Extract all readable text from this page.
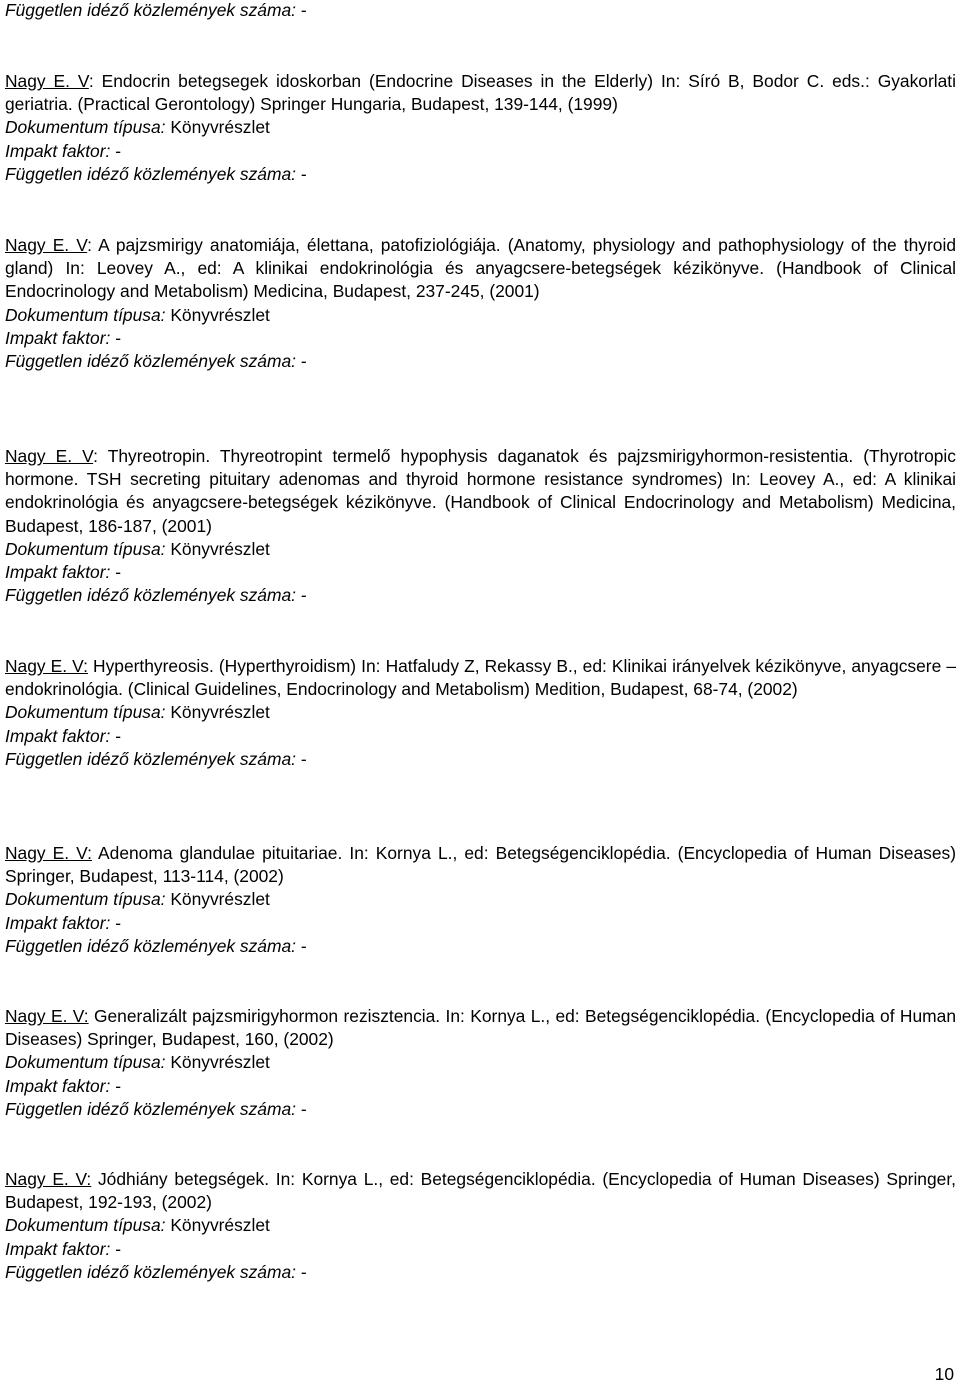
Független idéző közlemények száma: -
Nagy E. V: Endocrin betegsegek idoskorban (Endocrine Diseases in the Elderly) In: Síró B, Bodor C. eds.: Gyakorlati geriatria. (Practical Gerontology) Springer Hungaria, Budapest, 139-144, (1999)
Dokumentum típusa: Könyvrészlet
Impakt faktor: -
Független idéző közlemények száma: -
Nagy E. V: A pajzsmirigy anatomiája, élettana, patofiziológiája. (Anatomy, physiology and pathophysiology of the thyroid gland) In: Leovey A., ed: A klinikai endokrinológia és anyagcsere-betegségek kézikönyve. (Handbook of Clinical Endocrinology and Metabolism) Medicina, Budapest, 237-245, (2001)
Dokumentum típusa: Könyvrészlet
Impakt faktor: -
Független idéző közlemények száma: -
Nagy E. V: Thyreotropin. Thyreotropint termelő hypophysis daganatok és pajzsmirigyhormon-resistentia. (Thyrotropic hormone. TSH secreting pituitary adenomas and thyroid hormone resistance syndromes) In: Leovey A., ed: A klinikai endokrinológia és anyagcsere-betegségek kézikönyve. (Handbook of Clinical Endocrinology and Metabolism) Medicina, Budapest, 186-187, (2001)
Dokumentum típusa: Könyvrészlet
Impakt faktor: -
Független idéző közlemények száma: -
Nagy E. V: Hyperthyreosis. (Hyperthyroidism) In: Hatfaludy Z, Rekassy B., ed: Klinikai irányelvek kézikönyve, anyagcsere – endokrinológia. (Clinical Guidelines, Endocrinology and Metabolism) Medition, Budapest, 68-74, (2002)
Dokumentum típusa: Könyvrészlet
Impakt faktor: -
Független idéző közlemények száma: -
Nagy E. V: Adenoma glandulae pituitariae. In: Kornya L., ed: Betegségenciklopédia. (Encyclopedia of Human Diseases) Springer, Budapest, 113-114, (2002)
Dokumentum típusa: Könyvrészlet
Impakt faktor: -
Független idéző közlemények száma: -
Nagy E. V: Generalizált pajzsmirigyhormon rezisztencia. In: Kornya L., ed: Betegségenciklopédia. (Encyclopedia of Human Diseases) Springer, Budapest, 160, (2002)
Dokumentum típusa: Könyvrészlet
Impakt faktor: -
Független idéző közlemények száma: -
Nagy E. V: Jódhiány betegségek. In: Kornya L., ed: Betegségenciklopédia. (Encyclopedia of Human Diseases) Springer, Budapest, 192-193, (2002)
Dokumentum típusa: Könyvrészlet
Impakt faktor: -
Független idéző közlemények száma: -
10
